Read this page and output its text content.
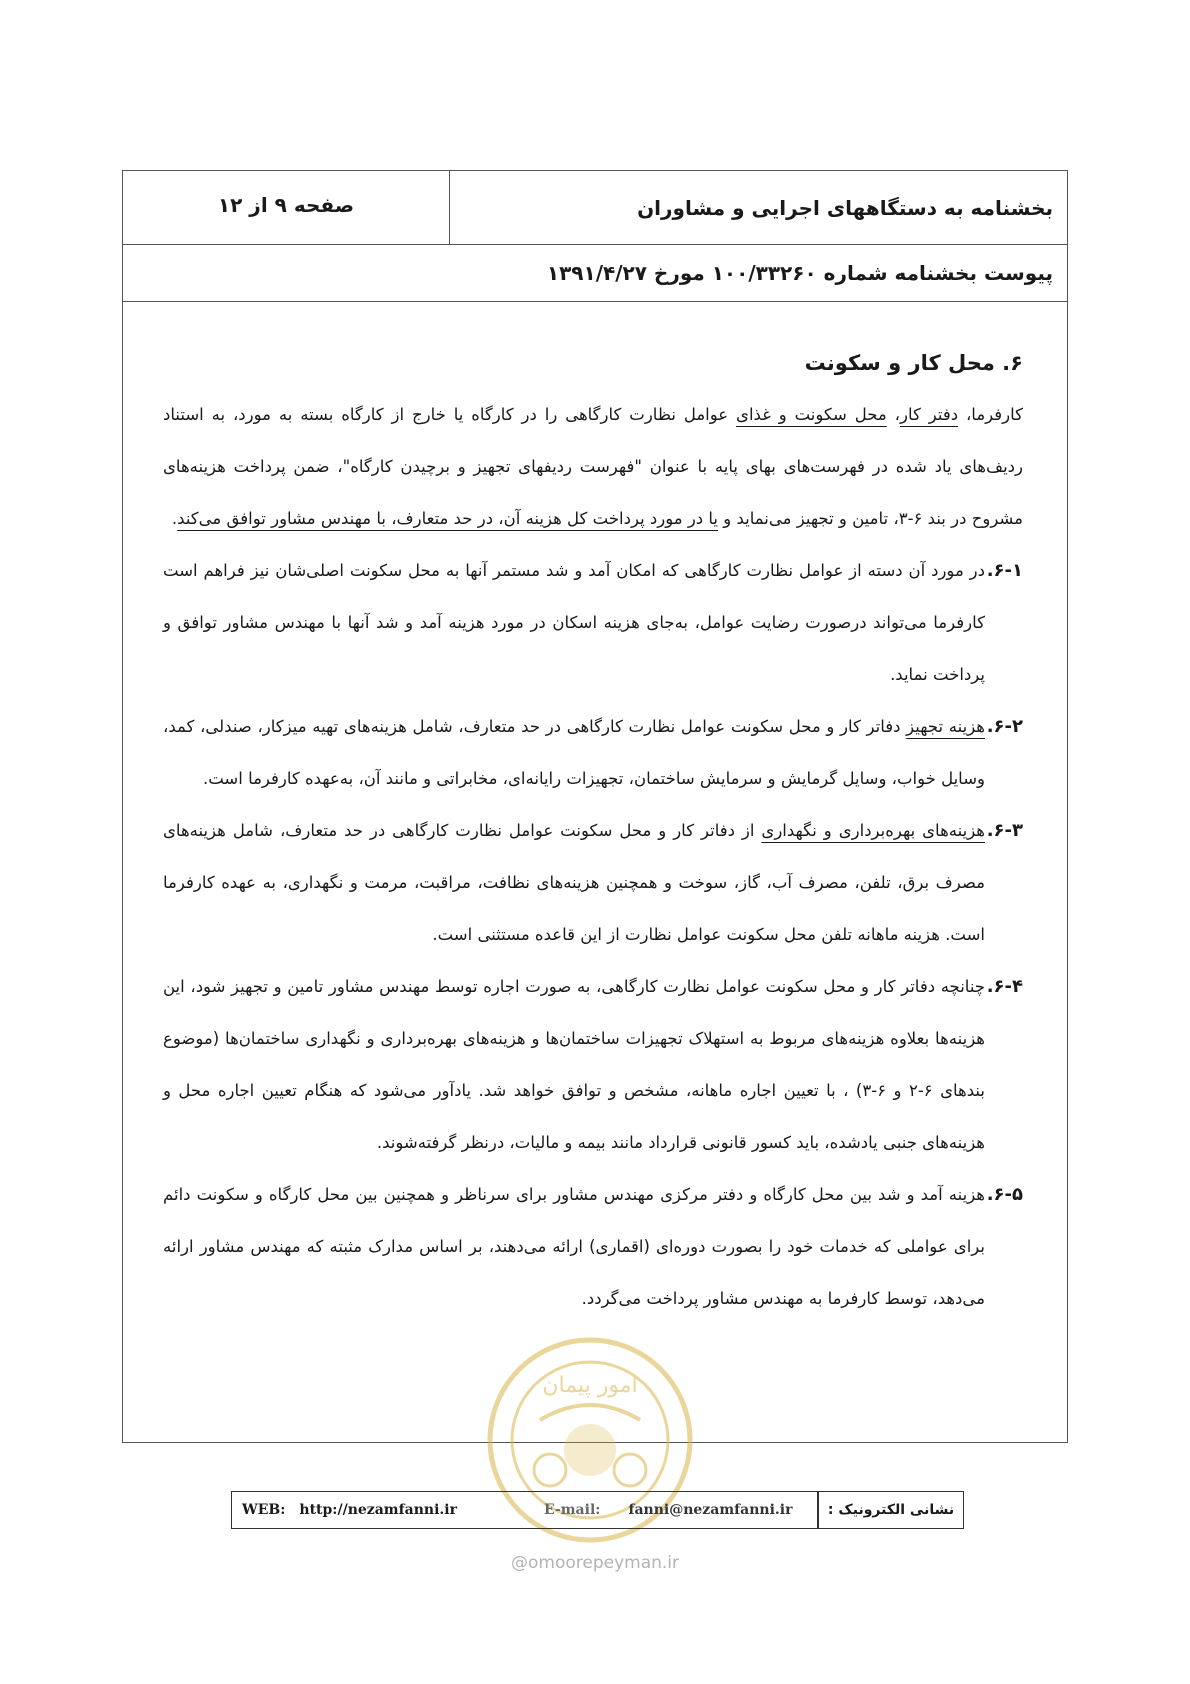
بخشنامه به دستگاههای اجرایی و مشاوران
صفحه ۹ از ۱۲
پیوست بخشنامه شماره ۱۰۰/۳۳۲۶۰ مورخ ۱۳۹۱/۴/۲۷
۶. محل کار و سکونت

کارفرما، دفتر کار، محل سکونت و غذای عوامل نظارت کارگاهی را در کارگاه یا خارج از کارگاه بسته به مورد، به استناد ردیف‌های یاد شده در فهرست‌های بهای پایه با عنوان "فهرست ردیفهای تجهیز و برچیدن کارگاه"، ضمن پرداخت هزینه‌های مشروح در بند ۶-۳، تامین و تجهیز می‌نماید و یا در مورد پرداخت کل هزینه آن، در حد متعارف، با مهندس مشاور توافق می‌کند.

۶-۱.
در مورد آن دسته از عوامل نظارت کارگاهی که امکان آمد و شد مستمر آنها به محل سکونت اصلی‌شان نیز فراهم است کارفرما می‌تواند درصورت رضایت عوامل، به‌جای هزینه اسکان در مورد هزینه آمد و شد آنها با مهندس مشاور توافق و پرداخت نماید.

۶-۲.
هزینه تجهیز دفاتر کار و محل سکونت عوامل نظارت کارگاهی در حد متعارف، شامل هزینه‌های تهیه میزکار، صندلی، کمد، وسایل خواب، وسایل گرمایش و سرمایش ساختمان، تجهیزات رایانه‌ای، مخابراتی و مانند آن، به‌عهده کارفرما است.

۶-۳.
هزینه‌های بهره‌برداری و نگهداری از دفاتر کار و محل سکونت عوامل نظارت کارگاهی در حد متعارف، شامل هزینه‌های مصرف برق، تلفن، مصرف آب، گاز، سوخت و همچنین هزینه‌های نظافت، مراقبت، مرمت و نگهداری، به عهده کارفرما است. هزینه ماهانه تلفن محل سکونت عوامل نظارت از این قاعده مستثنی است.

۶-۴.
چنانچه دفاتر کار و محل سکونت عوامل نظارت کارگاهی، به صورت اجاره توسط مهندس مشاور تامین و تجهیز شود، این هزینه‌ها بعلاوه هزینه‌های مربوط به استهلاک تجهیزات ساختمان‌ها و هزینه‌های بهره‌برداری و نگهداری ساختمان‌ها (موضوع بندهای ۶-۲ و ۶-۳) ، با تعیین اجاره ماهانه، مشخص و توافق خواهد شد. یادآور می‌شود که هنگام تعیین اجاره محل و هزینه‌های جنبی یادشده، باید کسور قانونی قرارداد مانند بیمه و مالیات، درنظر گرفته‌شوند.

۶-۵.
هزینه آمد و شد بین محل کارگاه و دفتر مرکزی مهندس مشاور برای سرناظر و همچنین بین محل کارگاه و سکونت دائم برای عواملی که خدمات خود را بصورت دوره‌ای (اقماری) ارائه می‌دهند، بر اساس مدارک مثبته که مهندس مشاور ارائه می‌دهد، توسط کارفرما به مهندس مشاور پرداخت می‌گردد.

امور پیمان
WEB: http://nezamfanni.ir	E-mail: fanni@nezamfanni.ir	نشانی الکترونیک :
@omoorepeyman.ir
